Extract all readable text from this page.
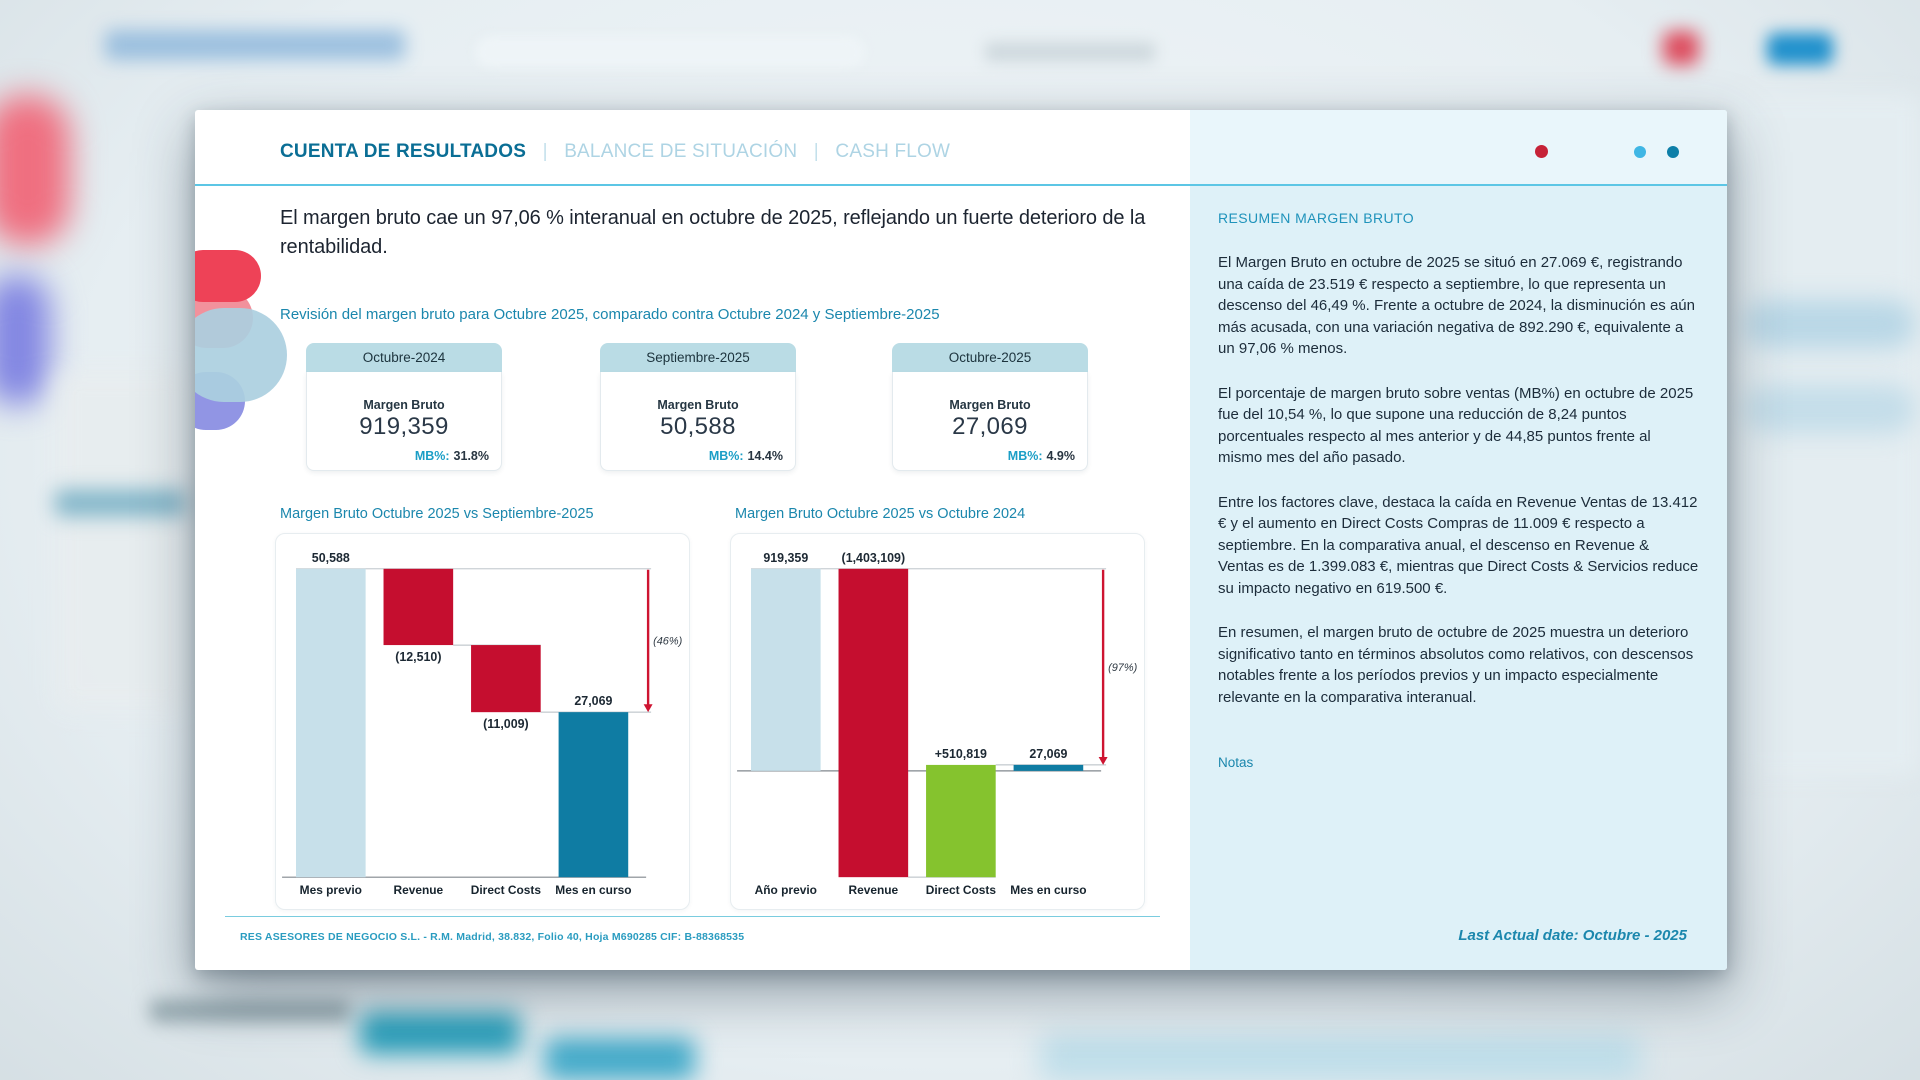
CUENTA DE RESULTADOS | BALANCE DE SITUACIÓN | CASH FLOW
El margen bruto cae un 97,06 % interanual en octubre de 2025, reflejando un fuerte deterioro de la rentabilidad.
Revisión del margen bruto para Octubre 2025, comparado contra Octubre 2024 y Septiembre-2025
Octubre-2024
Margen Bruto
919,359
MB%: 31.8%
Septiembre-2025
Margen Bruto
50,588
MB%: 14.4%
Octubre-2025
Margen Bruto
27,069
MB%: 4.9%
Margen Bruto Octubre 2025 vs Septiembre-2025	Margen Bruto Octubre 2025 vs Octubre 2024
50,588
Mes previo
(12,510)
Revenue
(11,009)
Direct Costs
27,069
Mes en curso
(46%)
919,359
Año previo
(1,403,109)
Revenue
+510,819
Direct Costs
27,069
Mes en curso
(97%)
RES ASESORES DE NEGOCIO S.L. - R.M. Madrid, 38.832, Folio 40, Hoja M690285 CIF: B-88368535
RESUMEN MARGEN BRUTO

El Margen Bruto en octubre de 2025 se situó en 27.069 €, registrando una caída de 23.519 € respecto a septiembre, lo que representa un descenso del 46,49 %. Frente a octubre de 2024, la disminución es aún más acusada, con una variación negativa de 892.290 €, equivalente a un 97,06 % menos.

El porcentaje de margen bruto sobre ventas (MB%) en octubre de 2025 fue del 10,54 %, lo que supone una reducción de 8,24 puntos porcentuales respecto al mes anterior y de 44,85 puntos frente al mismo mes del año pasado.

Entre los factores clave, destaca la caída en Revenue Ventas de 13.412 € y el aumento en Direct Costs Compras de 11.009 € respecto a septiembre. En la comparativa anual, el descenso en Revenue & Ventas es de 1.399.083 €, mientras que Direct Costs & Servicios reduce su impacto negativo en 619.500 €.

En resumen, el margen bruto de octubre de 2025 muestra un deterioro significativo tanto en términos absolutos como relativos, con descensos notables frente a los períodos previos y un impacto especialmente relevante en la comparativa interanual.

Notas
Last Actual date: Octubre - 2025
